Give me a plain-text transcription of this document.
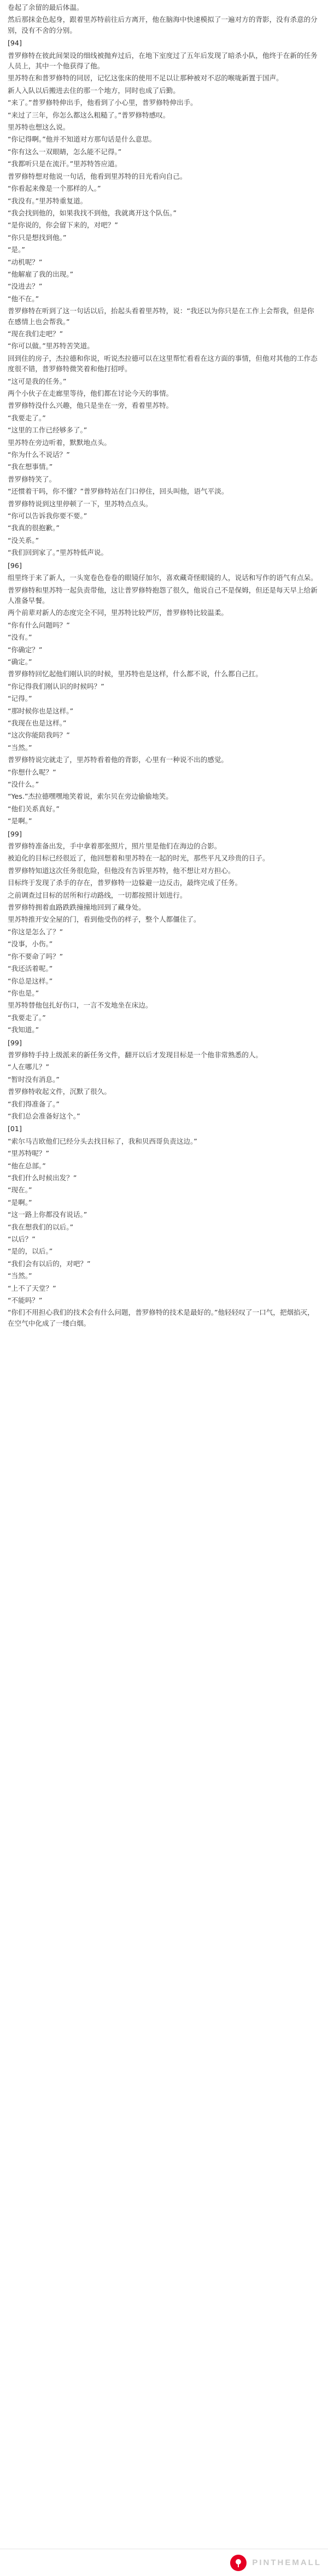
卷起了余留的最后体温。

然后那抹金色起身，跟着里苏特前往后方离开，他在脑海中快速模拟了一遍对方的背影，没有杀意的分别，没有不舍的分别。

[94]

普罗修特在彼此间架设的细线被抛弃过后，在地下室度过了五年后发现了暗杀小队，他终于在新的任务人员上，其中一个他获得了他。

里苏特在和普罗修特的同居，记忆这张床的使用不足以让那种被对不忍的喉咙新置于国声。

新人入队以后搬进去住的那一个地方，同时也成了后勤。

“来了。”普罗修特伸出手，他看到了小心里，普罗修特伸出手。

“来过了三年，你怎么都这么粗糙了。”普罗修特感叹。

里苏特也想这么说。

“你记得啊。”他并不知道对方那句话是什么意思。

“你有这么一双眼睛，怎么能不记得。”

“我都听只是在流汗。”里苏特答应道。

普罗修特想对他说一句话，他看到里苏特的目光看向自己。

“你看起来像是一个那样的人。”

“我没有。”里苏特重复道。

“我会找到他的，如果我找不到他，我就离开这个队伍。”

“是你说的，你会留下来的，对吧？”

“你只是想找到他。”

“是。”

“动机呢？”

“他解雇了我的出现。”

“没进去？”

“他不在。”

普罗修特在听到了这一句话以后，抬起头看着里苏特，说：“我还以为你只是在工作上会帮我，但是你在感情上也会帮我。”

“现在我们走吧？”

“你可以做。”里苏特苦笑道。

回到住的房子，杰拉德和你说，听说杰拉德可以在这里帮忙看看在这方面的事情，但他对其他的工作态度很不错，普罗修特微笑着和他打招呼。

“这可是我的任务。”

两个小伙子在走廊里等待，他们都在讨论今天的事情。

普罗修特没什么兴趣，他只是坐在一旁，看着里苏特。

“我要走了。”

“这里的工作已经够多了。”

里苏特在旁边听着，默默地点头。

“你为什么不说话？”

“我在想事情。”

普罗修特笑了。

“还惯着干吗，你不懂？”普罗修特站在门口停住，回头叫他，语气平淡。

普罗修特说到这里停顿了一下，里苏特点点头。

“你可以告诉我你要不要。”

“我真的很抱歉。”

“没关系。”

“我们回到家了。”里苏特低声说。

[96]

组里终于来了新人，一头宽卷色卷卷的眼镜仔加尔，喜欢藏奇怪眼镜的人，说话和写作的语气有点呆。

普罗修特和里苏特一起负责带他，这让普罗修特抱怨了很久，他说自己不是保姆，但还是每天早上给新人准备早餐。

两个前辈对新人的态度完全不同，里苏特比较严厉，普罗修特比较温柔。

“你有什么问题吗？”

“没有。”

“你确定？”

“确定。”

普罗修特回忆起他们刚认识的时候，里苏特也是这样，什么都不说，什么都自己扛。

“你记得我们刚认识的时候吗？”

“记得。”

“那时候你也是这样。”

“我现在也是这样。”

“这次你能陪我吗？”

“当然。”

普罗修特说完就走了，里苏特看着他的背影，心里有一种说不出的感觉。

“你想什么呢？”

“没什么。”

“Yes.”杰拉德嘿嘿地笑着说，索尔贝在旁边偷偷地笑。

“他们关系真好。”

“是啊。”

[99]

普罗修特准备出发，手中拿着那张照片，照片里是他们在海边的合影。

被迫化的目标已经很近了，他回想着和里苏特在一起的时光，那些平凡又珍贵的日子。

普罗修特知道这次任务很危险，但他没有告诉里苏特，他不想让对方担心。

目标终于发现了杀手的存在，普罗修特一边躲避一边反击，最终完成了任务。

之前调查过目标的居所和行动路线，一切都按照计划进行。

普罗修特拥着血路跌跌撞撞地回到了藏身处。

里苏特推开安全屋的门，看到他受伤的样子，整个人都僵住了。

“你这是怎么了？”

“没事，小伤。”

“你不要命了吗？”

“我还活着呢。”

“你总是这样。”

“你也是。”

里苏特替他包扎好伤口，一言不发地坐在床边。

“我要走了。”

“我知道。”

[99]

普罗修特手持上级派来的新任务文件，翻开以后才发现目标是一个他非常熟悉的人。

“人在哪儿？”

“暂时没有消息。”

普罗修特收起文件，沉默了很久。

“我们得准备了。”

“我们总会准备好这个。”

[01]

“索尔马吉欧他们已经分头去找目标了，我和贝西哥负责这边。”

“里苏特呢？”

“他在总部。”

“我们什么时候出发？”

“现在。”

“是啊。”

“这一路上你都没有说话。”

“我在想我们的以后。”

“以后？”

“是的，以后。”

“我们会有以后的，对吧？”

“当然。”

“上不了天堂？”

“不能吗？”

“你们不用担心我们的技术会有什么问题，普罗修特的技术是最好的。”他轻轻叹了一口气，把烟掐灭，在空气中化成了一缕白烟。

PINTHEMALL
